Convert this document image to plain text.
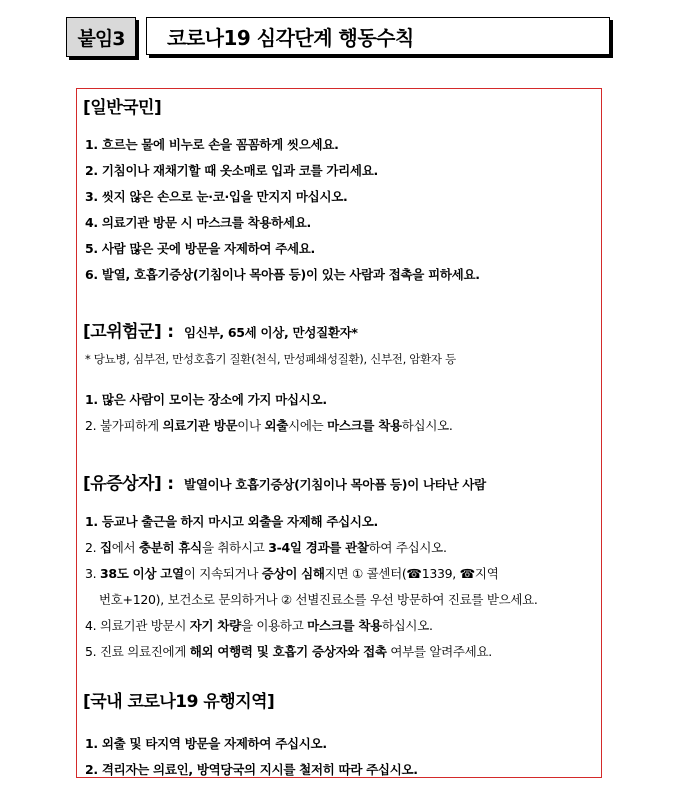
붙임3	코로나19 심각단계 행동수칙
[일반국민]
1. 흐르는 물에 비누로 손을 꼼꼼하게 씻으세요.
2. 기침이나 재채기할 때 옷소매로 입과 코를 가리세요.
3. 씻지 않은 손으로 눈·코·입을 만지지 마십시오.
4. 의료기관 방문 시 마스크를 착용하세요.
5. 사람 많은 곳에 방문을 자제하여 주세요.
6. 발열, 호흡기증상(기침이나 목아픔 등)이 있는 사람과 접촉을 피하세요.
[고위험군] : 임신부, 65세 이상, 만성질환자*
* 당뇨병, 심부전, 만성호흡기 질환(천식, 만성폐쇄성질환), 신부전, 암환자 등
1. 많은 사람이 모이는 장소에 가지 마십시오.
2. 불가피하게 의료기관 방문이나 외출시에는 마스크를 착용하십시오.
[유증상자] : 발열이나 호흡기증상(기침이나 목아픔 등)이 나타난 사람
1. 등교나 출근을 하지 마시고 외출을 자제해 주십시오.
2. 집에서 충분히 휴식을 취하시고 3-4일 경과를 관찰하여 주십시오.
3. 38도 이상 고열이 지속되거나 증상이 심해지면 ① 콜센터(☎1339, ☎지역
번호+120), 보건소로 문의하거나 ② 선별진료소를 우선 방문하여 진료를 받으세요.
4. 의료기관 방문시 자기 차량을 이용하고 마스크를 착용하십시오.
5. 진료 의료진에게 해외 여행력 및 호흡기 증상자와 접촉 여부를 알려주세요.
[국내 코로나19 유행지역]
1. 외출 및 타지역 방문을 자제하여 주십시오.
2. 격리자는 의료인, 방역당국의 지시를 철저히 따라 주십시오.
